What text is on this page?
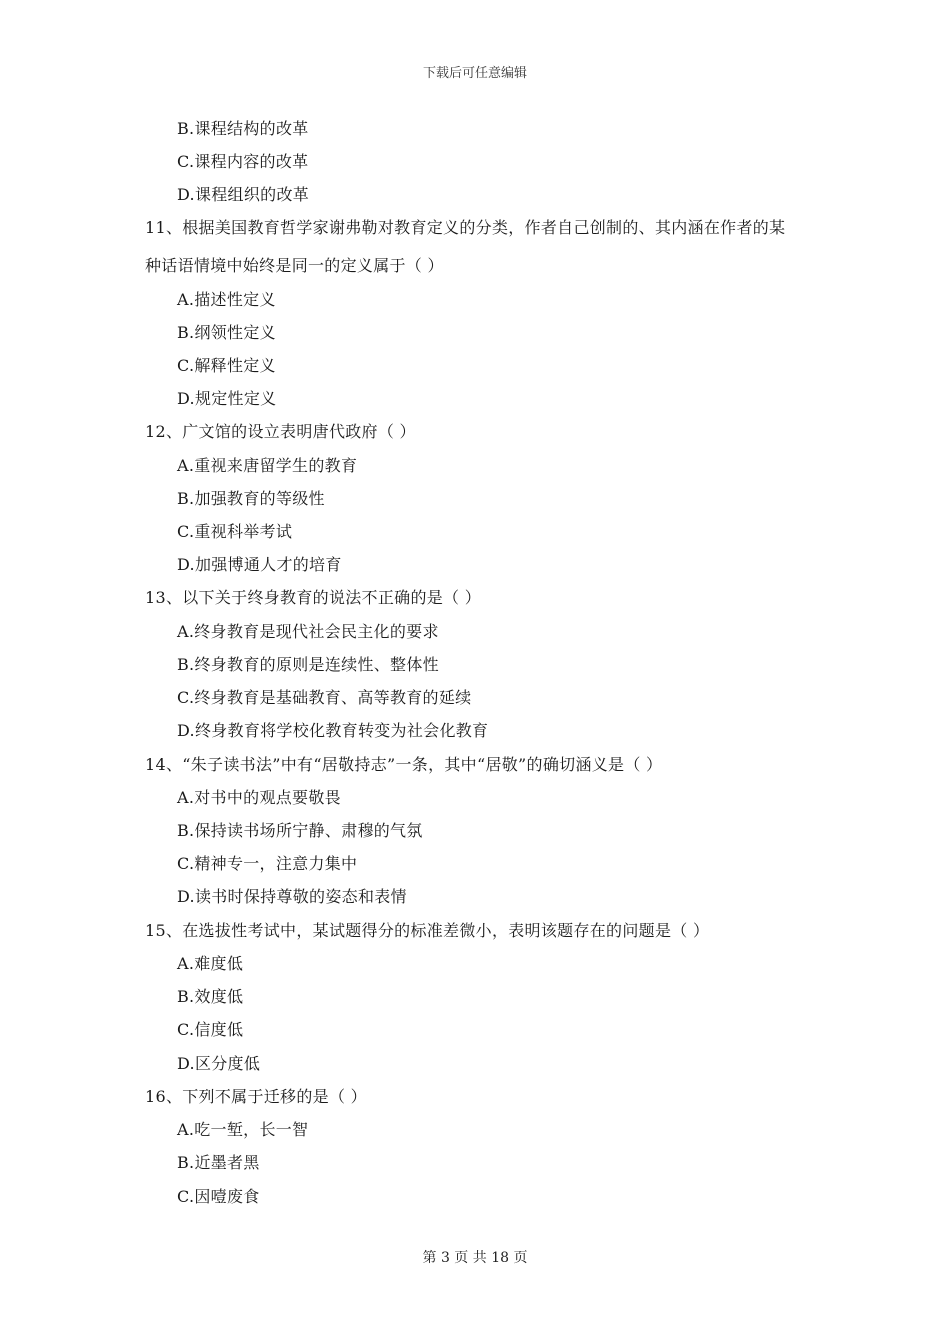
下载后可任意编辑
B.课程结构的改革
C.课程内容的改革
D.课程组织的改革
11、根据美国教育哲学家谢弗勒对教育定义的分类，作者自己创制的、其内涵在作者的某
种话语情境中始终是同一的定义属于（ ）
A.描述性定义
B.纲领性定义
C.解释性定义
D.规定性定义
12、广文馆的设立表明唐代政府（ ）
A.重视来唐留学生的教育
B.加强教育的等级性
C.重视科举考试
D.加强博通人才的培育
13、以下关于终身教育的说法不正确的是（ ）
A.终身教育是现代社会民主化的要求
B.终身教育的原则是连续性、整体性
C.终身教育是基础教育、高等教育的延续
D.终身教育将学校化教育转变为社会化教育
14、“朱子读书法”中有“居敬持志”一条，其中“居敬”的确切涵义是（ ）
A.对书中的观点要敬畏
B.保持读书场所宁静、肃穆的气氛
C.精神专一，注意力集中
D.读书时保持尊敬的姿态和表情
15、在选拔性考试中，某试题得分的标准差微小，表明该题存在的问题是（ ）
A.难度低
B.效度低
C.信度低
D.区分度低
16、下列不属于迁移的是（ ）
A.吃一堑，长一智
B.近墨者黑
C.因噎废食
第 3 页 共 18 页
